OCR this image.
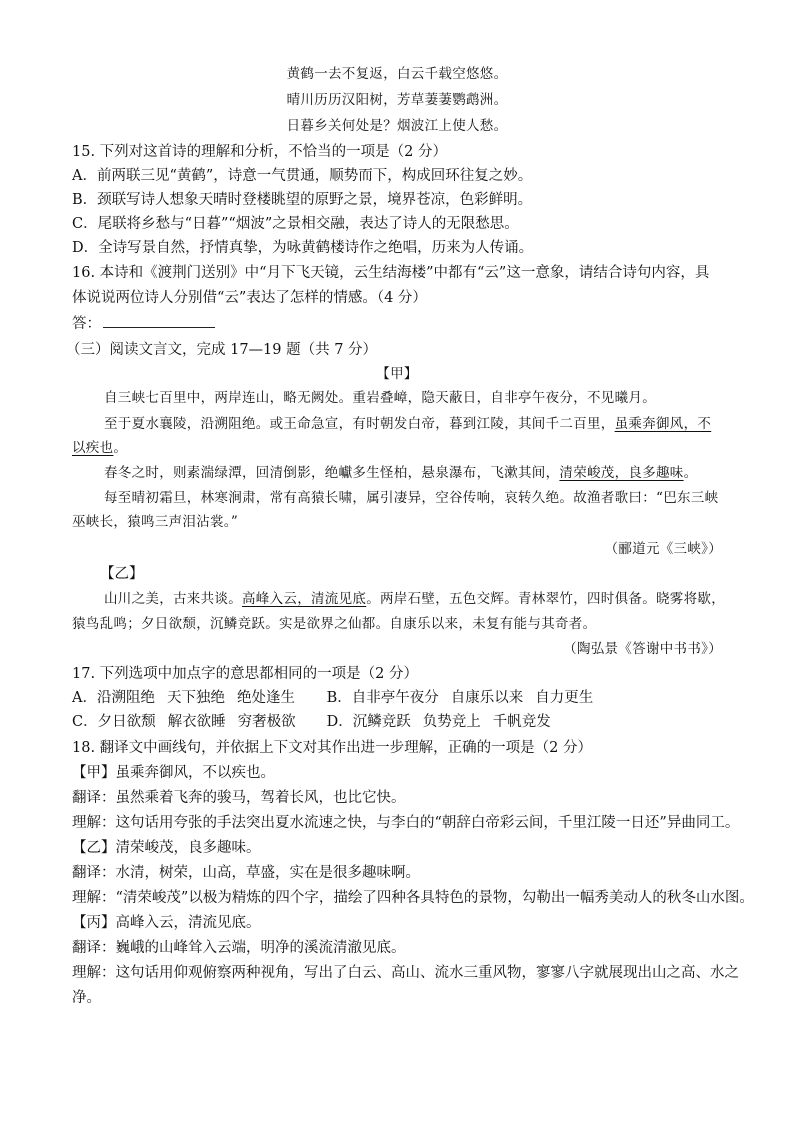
黄鹤一去不复返，白云千载空悠悠。
晴川历历汉阳树，芳草萋萋鹦鹉洲。
日暮乡关何处是？烟波江上使人愁。
15. 下列对这首诗的理解和分析，不恰当的一项是（2 分）
A．前两联三见“黄鹤”，诗意一气贯通，顺势而下，构成回环往复之妙。
B．颈联写诗人想象天晴时登楼眺望的原野之景，境界苍凉，色彩鲜明。
C．尾联将乡愁与“日暮”“烟波”之景相交融，表达了诗人的无限愁思。
D．全诗写景自然，抒情真挚，为咏黄鹤楼诗作之绝唱，历来为人传诵。
16. 本诗和《渡荆门送别》中“月下飞天镜，云生结海楼”中都有“云”这一意象，请结合诗句内容，具
体说说两位诗人分别借“云”表达了怎样的情感。（4 分）
答：
（三）阅读文言文，完成 17—19 题（共 7 分）
【甲】
自三峡七百里中，两岸连山，略无阙处。重岩叠嶂，隐天蔽日，自非亭午夜分，不见曦月。
至于夏水襄陵，沿溯阻绝。或王命急宣，有时朝发白帝，暮到江陵，其间千二百里，虽乘奔御风，不
以疾也。
春冬之时，则素湍绿潭，回清倒影，绝巘多生怪柏，悬泉瀑布，飞漱其间，清荣峻茂，良多趣味。
每至晴初霜旦，林寒涧肃，常有高猿长啸，属引凄异，空谷传响，哀转久绝。故渔者歌曰：“巴东三峡
巫峡长，猿鸣三声泪沾裳。”
（郦道元《三峡》）
【乙】
山川之美，古来共谈。高峰入云，清流见底。两岸石壁，五色交辉。青林翠竹，四时俱备。晓雾将歇，
猿鸟乱鸣；夕日欲颓，沉鳞竞跃。实是欲界之仙都。自康乐以来，未复有能与其奇者。
（陶弘景《答谢中书书》）
17. 下列选项中加点字的意思都相同的一项是（2 分）
A．沿溯阻绝 天下独绝 绝处逢生 B．自非亭午夜分 自康乐以来 自力更生
C．夕日欲颓 解衣欲睡 穷奢极欲 D．沉鳞竞跃 负势竞上 千帆竞发
18. 翻译文中画线句，并依据上下文对其作出进一步理解，正确的一项是（2 分）
【甲】虽乘奔御风，不以疾也。
翻译：虽然乘着飞奔的骏马，驾着长风，也比它快。
理解：这句话用夸张的手法突出夏水流速之快，与李白的“朝辞白帝彩云间，千里江陵一日还”异曲同工。
【乙】清荣峻茂，良多趣味。
翻译：水清，树荣，山高，草盛，实在是很多趣味啊。
理解：“清荣峻茂”以极为精炼的四个字，描绘了四种各具特色的景物，勾勒出一幅秀美动人的秋冬山水图。
【丙】高峰入云，清流见底。
翻译：巍峨的山峰耸入云端，明净的溪流清澈见底。
理解：这句话用仰观俯察两种视角，写出了白云、高山、流水三重风物，寥寥八字就展现出山之高、水之
净。
